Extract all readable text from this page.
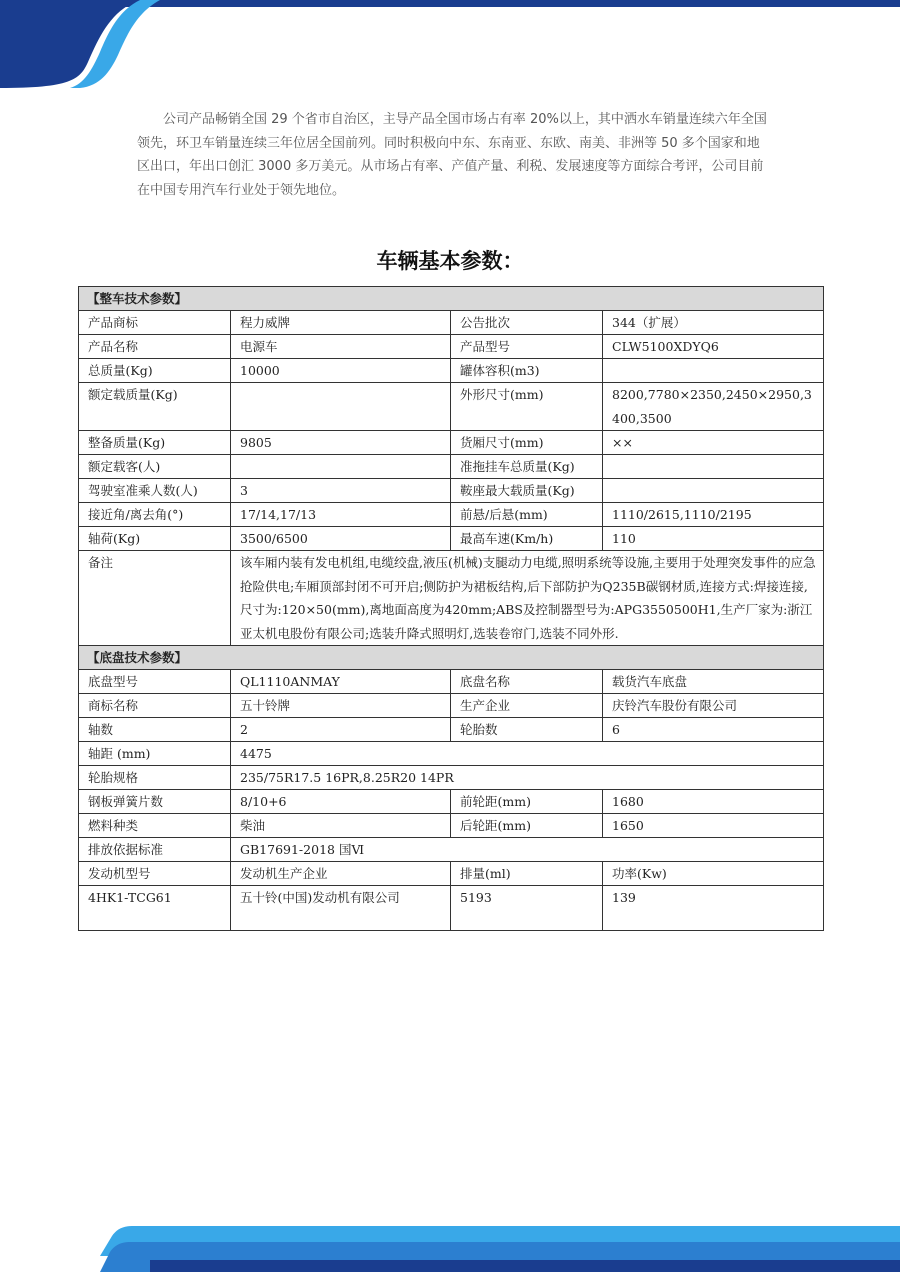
公司产品畅销全国 29 个省市自治区，主导产品全国市场占有率 20%以上，其中洒水车销量连续六年全国领先，环卫车销量连续三年位居全国前列。同时积极向中东、东南亚、东欧、南美、非洲等 50 多个国家和地区出口，年出口创汇 3000 多万美元。从市场占有率、产值产量、利税、发展速度等方面综合考评，公司目前在中国专用汽车行业处于领先地位。

车辆基本参数：
【整车技术参数】			
产品商标	程力威牌	公告批次	344（扩展）
产品名称	电源车	产品型号	CLW5100XDYQ6
总质量(Kg)	10000	罐体容积(m3)	
额定载质量(Kg)		外形尺寸(mm)	8200,7780×2350,2450×2950,3400,3500
整备质量(Kg)	9805	货厢尺寸(mm)	××
额定载客(人)		准拖挂车总质量(Kg)	
驾驶室准乘人数(人)	3	鞍座最大载质量(Kg)	
接近角/离去角(°)	17/14,17/13	前悬/后悬(mm)	1110/2615,1110/2195
轴荷(Kg)	3500/6500	最高车速(Km/h)	110
备注	该车厢内装有发电机组,电缆绞盘,液压(机械)支腿动力电缆,照明系统等设施,主要用于处理突发事件的应急抢险供电;车厢顶部封闭不可开启;侧防护为裙板结构,后下部防护为Q235B碳钢材质,连接方式:焊接连接,尺寸为:120×50(mm),离地面高度为420mm;ABS及控制器型号为:APG3550500H1,生产厂家为:浙江亚太机电股份有限公司;选装升降式照明灯,选装卷帘门,选装不同外形.		
【底盘技术参数】			
底盘型号	QL1110ANMAY	底盘名称	载货汽车底盘
商标名称	五十铃牌	生产企业	庆铃汽车股份有限公司
轴数	2	轮胎数	6
轴距 (mm)	4475		
轮胎规格	235/75R17.5 16PR,8.25R20 14PR		
钢板弹簧片数	8/10+6	前轮距(mm)	1680
燃料种类	柴油	后轮距(mm)	1650
排放依据标准	GB17691-2018 国Ⅵ		
发动机型号	发动机生产企业	排量(ml)	功率(Kw)
4HK1-TCG61	五十铃(中国)发动机有限公司	5193	139
